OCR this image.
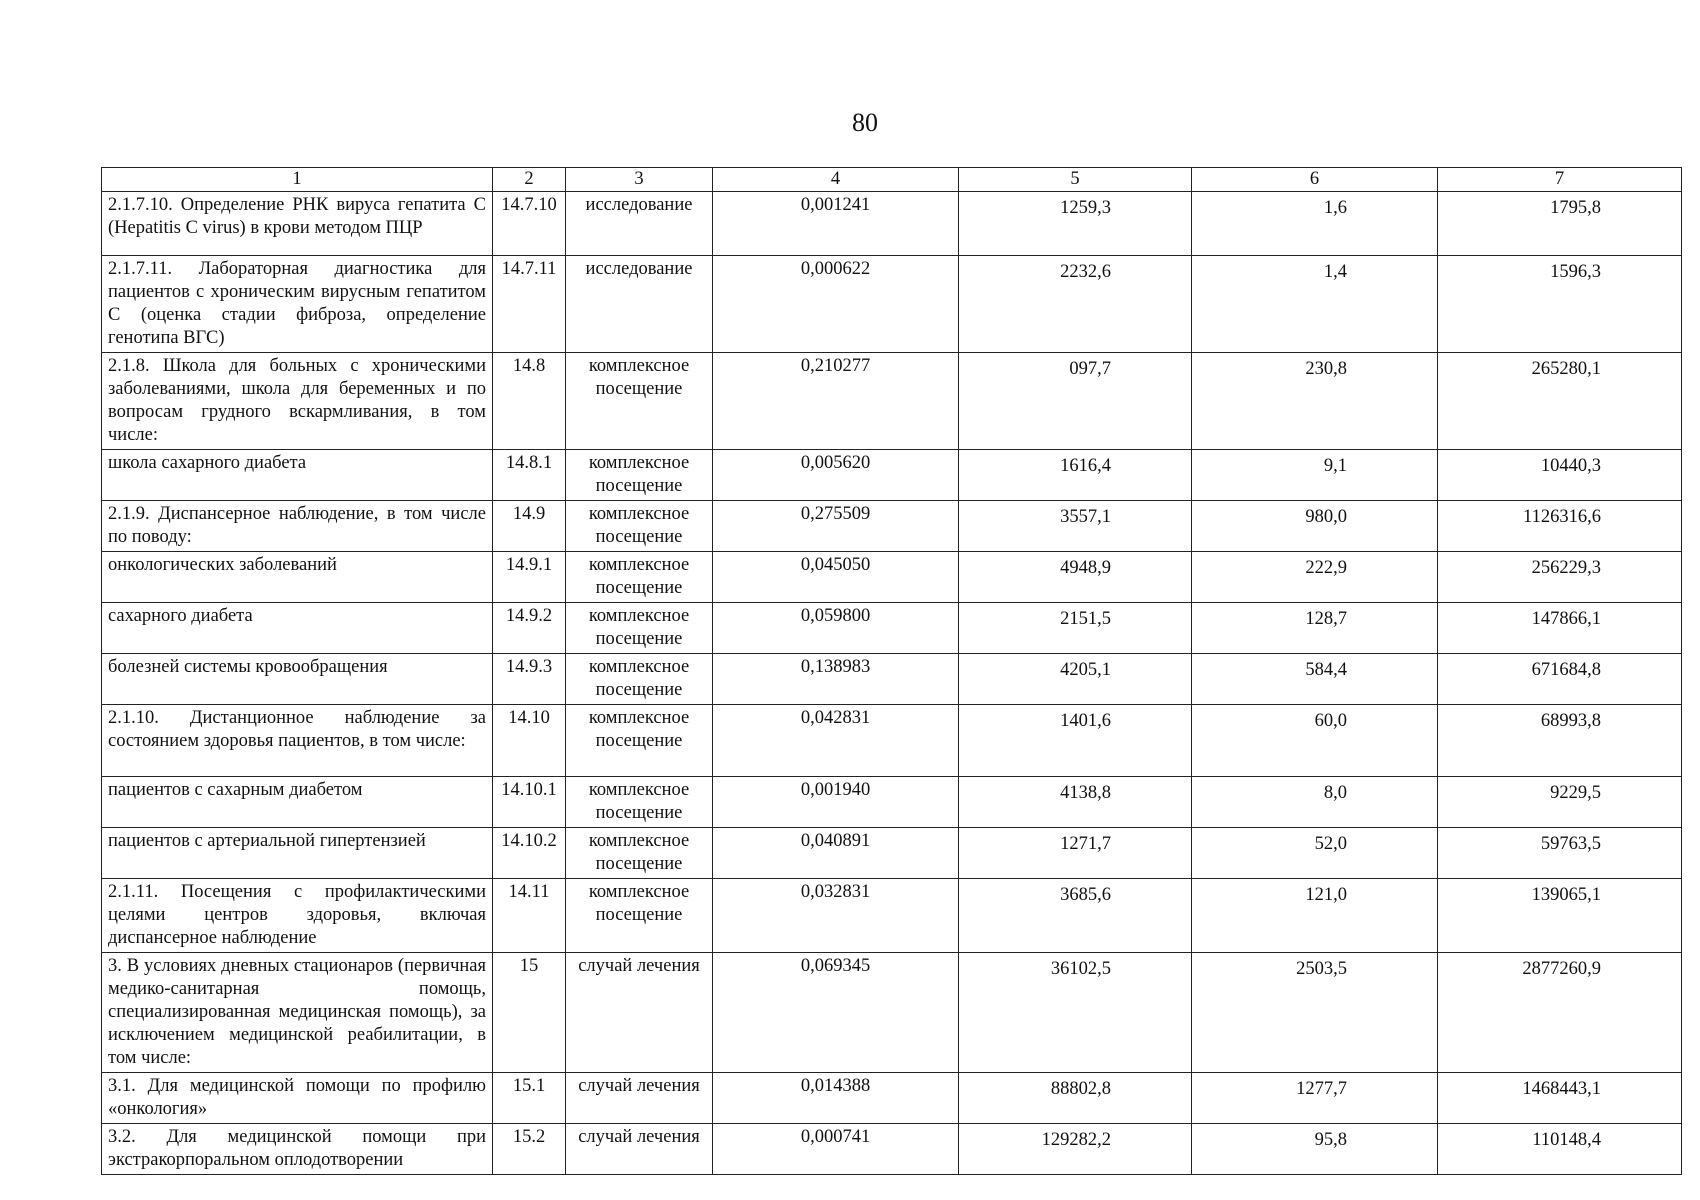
80
1	2	3	4	5	6	7
2.1.7.10. Определение РНК вируса гепатита С (Hepatitis C virus) в крови методом ПЦР	14.7.10	исследование	0,001241	1259,3	1,6	1795,8
2.1.7.11. Лабораторная диагностика для пациентов с хроническим вирусным гепатитом С (оценка стадии фиброза, определение генотипа ВГС)	14.7.11	исследование	0,000622	2232,6	1,4	1596,3
2.1.8. Школа для больных с хроническими заболеваниями, школа для беременных и по вопросам грудного вскармливания, в том числе:	14.8	комплексное посещение	0,210277	097,7	230,8	265280,1
школа сахарного диабета	14.8.1	комплексное посещение	0,005620	1616,4	9,1	10440,3
2.1.9. Диспансерное наблюдение, в том числе по поводу:	14.9	комплексное посещение	0,275509	3557,1	980,0	1126316,6
онкологических заболеваний	14.9.1	комплексное посещение	0,045050	4948,9	222,9	256229,3
сахарного диабета	14.9.2	комплексное посещение	0,059800	2151,5	128,7	147866,1
болезней системы кровообращения	14.9.3	комплексное посещение	0,138983	4205,1	584,4	671684,8
2.1.10. Дистанционное наблюдение за состоянием здоровья пациентов, в том числе:	14.10	комплексное посещение	0,042831	1401,6	60,0	68993,8
пациентов с сахарным диабетом	14.10.1	комплексное посещение	0,001940	4138,8	8,0	9229,5
пациентов с артериальной гипертензией	14.10.2	комплексное посещение	0,040891	1271,7	52,0	59763,5
2.1.11. Посещения с профилактическими целями центров здоровья, включая диспансерное наблюдение	14.11	комплексное посещение	0,032831	3685,6	121,0	139065,1
3. В условиях дневных стационаров (первичная медико-санитарная помощь, специализированная медицинская помощь), за исключением медицинской реабилитации, в том числе:	15	случай лечения	0,069345	36102,5	2503,5	2877260,9
3.1. Для медицинской помощи по профилю «онкология»	15.1	случай лечения	0,014388	88802,8	1277,7	1468443,1
3.2. Для медицинской помощи при экстракорпоральном оплодотворении	15.2	случай лечения	0,000741	129282,2	95,8	110148,4
